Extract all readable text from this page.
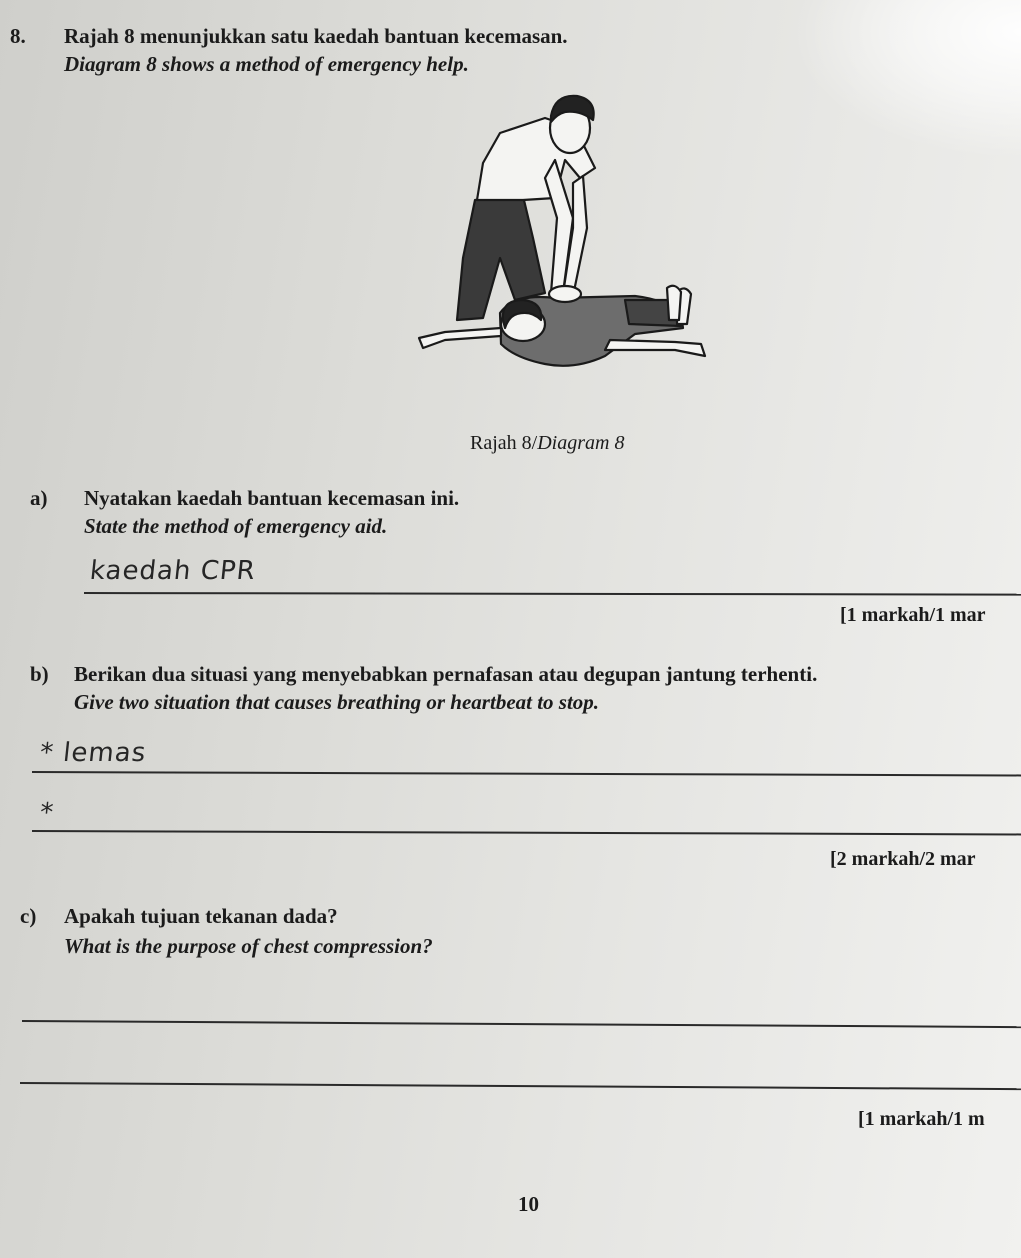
8. Rajah 8 menunjukkan satu kaedah bantuan kecemasan.
Diagram 8 shows a method of emergency help.
Rajah 8/Diagram 8
a) Nyatakan kaedah bantuan kecemasan ini.
State the method of emergency aid.
kaedah CPR
[1 markah/1 mar
b) Berikan dua situasi yang menyebabkan pernafasan atau degupan jantung terhenti.
Give two situation that causes breathing or heartbeat to stop.
* lemas
*
[2 markah/2 mar
c) Apakah tujuan tekanan dada?
What is the purpose of chest compression?
[1 markah/1 m
10
